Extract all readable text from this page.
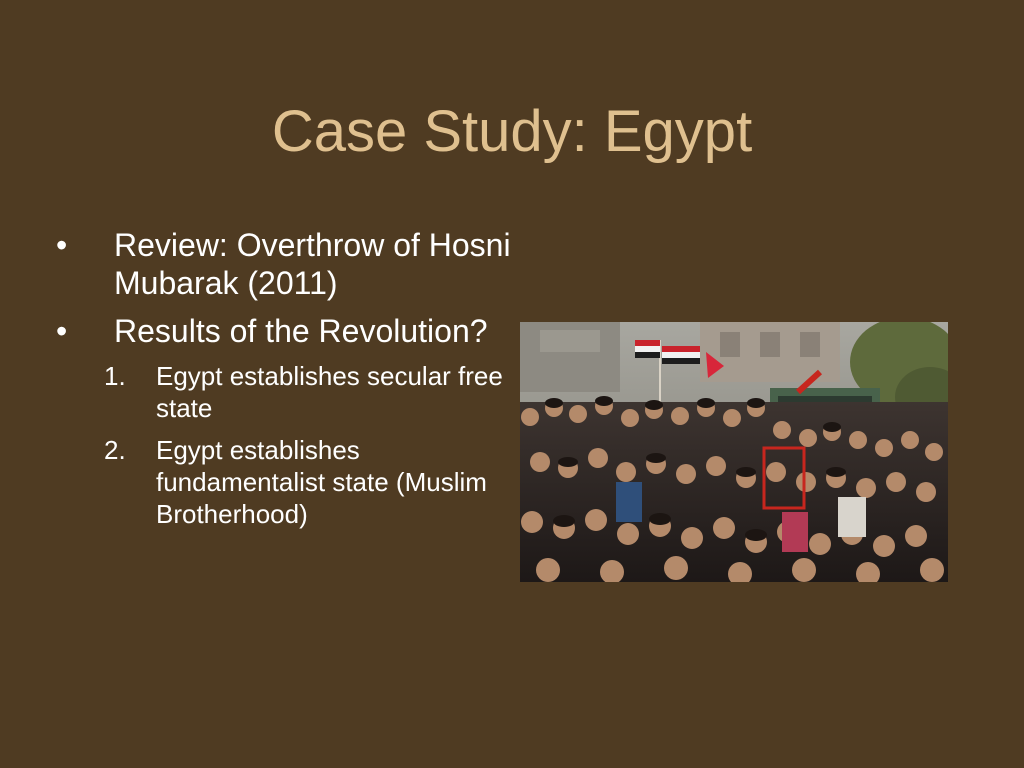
Case Study: Egypt
• Review: Overthrow of Hosni Mubarak (2011)
• Results of the Revolution?
1.	Egypt establishes secular free state
2.	Egypt establishes fundamentalist state (Muslim Brotherhood)
